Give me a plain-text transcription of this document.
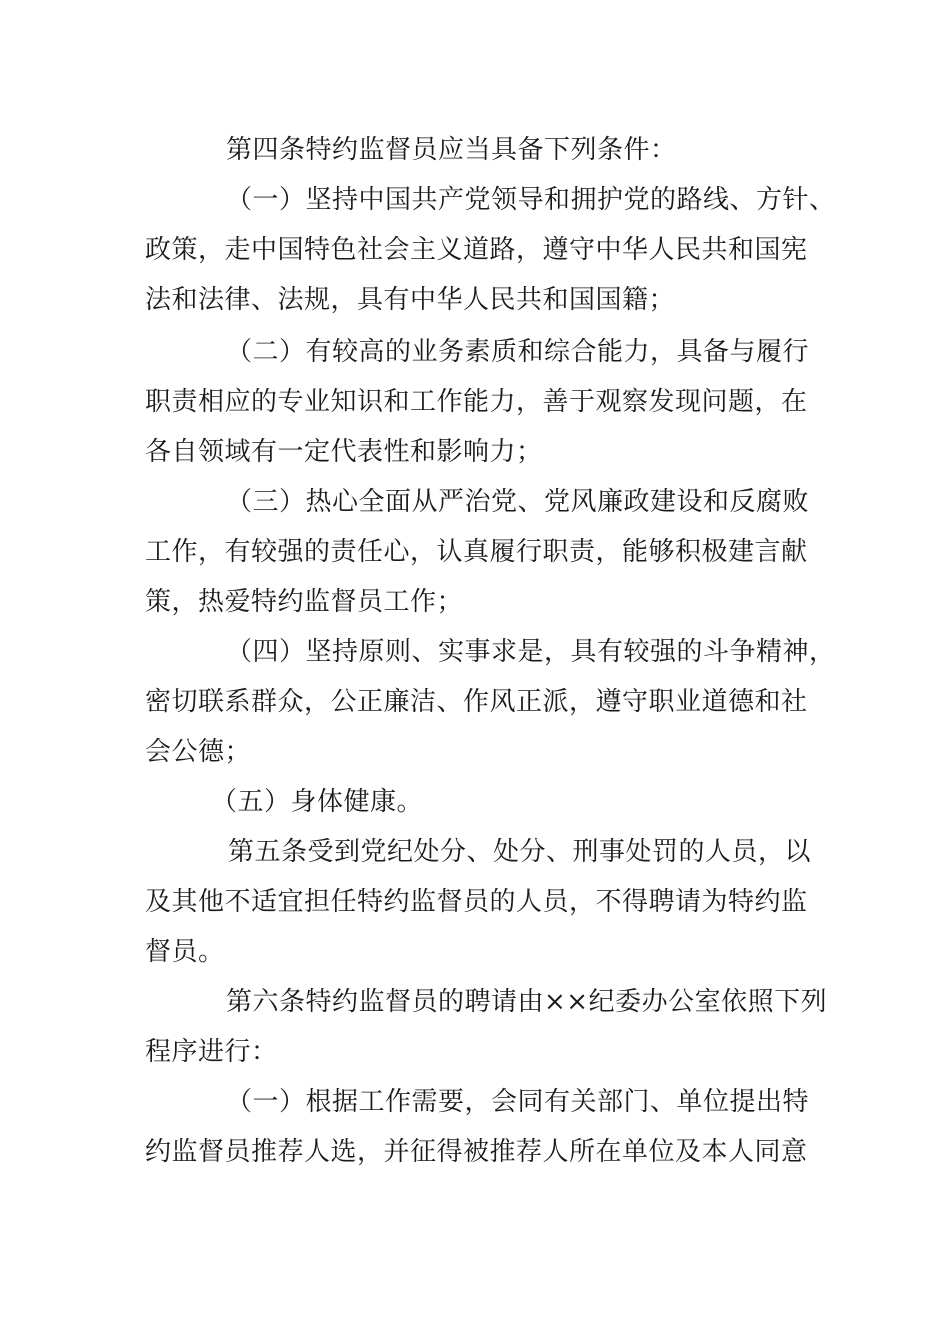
第四条特约监督员应当具备下列条件：
（一）坚持中国共产党领导和拥护党的路线、方针、
政策，走中国特色社会主义道路，遵守中华人民共和国宪
法和法律、法规，具有中华人民共和国国籍；
（二）有较高的业务素质和综合能力，具备与履行
职责相应的专业知识和工作能力，善于观察发现问题，在
各自领域有一定代表性和影响力；
（三）热心全面从严治党、党风廉政建设和反腐败
工作，有较强的责任心，认真履行职责，能够积极建言献
策，热爱特约监督员工作；
（四）坚持原则、实事求是，具有较强的斗争精神，
密切联系群众，公正廉洁、作风正派，遵守职业道德和社
会公德；
（五）身体健康。
第五条受到党纪处分、处分、刑事处罚的人员，以
及其他不适宜担任特约监督员的人员，不得聘请为特约监
督员。
第六条特约监督员的聘请由××纪委办公室依照下列
程序进行：
（一）根据工作需要，会同有关部门、单位提出特
约监督员推荐人选，并征得被推荐人所在单位及本人同意
